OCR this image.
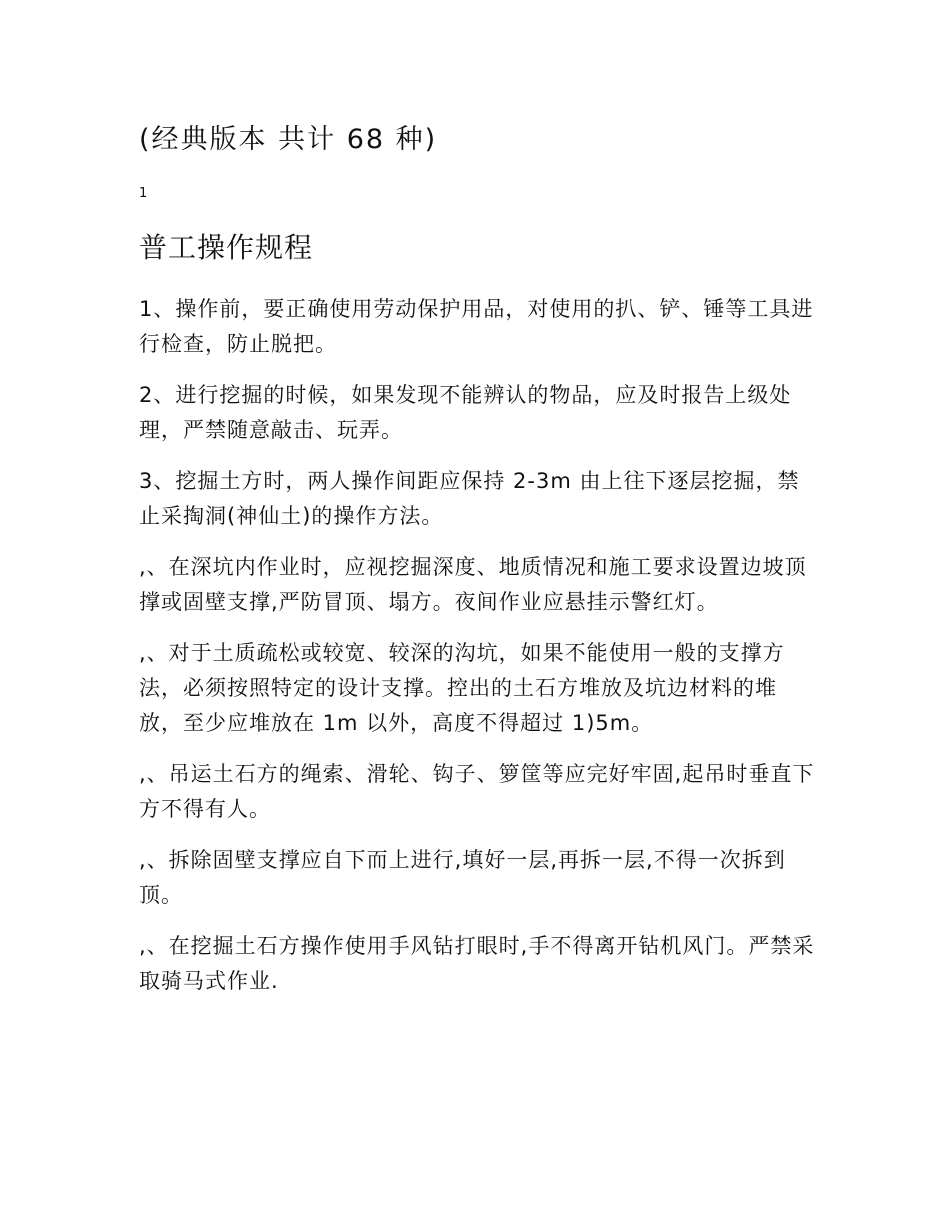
(经典版本 共计 68 种)

1

普工操作规程

1、操作前，要正确使用劳动保护用品，对使用的扒、铲、锤等工具进行检查，防止脱把。

2、进行挖掘的时候，如果发现不能辨认的物品，应及时报告上级处理，严禁随意敲击、玩弄。

3、挖掘土方时，两人操作间距应保持 2-3m 由上往下逐层挖掘，禁止采掏洞(神仙土)的操作方法。

,、在深坑内作业时，应视挖掘深度、地质情况和施工要求设置边坡顶撑或固壁支撑,严防冒顶、塌方。夜间作业应悬挂示警红灯。

,、对于土质疏松或较宽、较深的沟坑，如果不能使用一般的支撑方法，必须按照特定的设计支撑。控出的土石方堆放及坑边材料的堆放，至少应堆放在 1m 以外，高度不得超过 1)5m。

,、吊运土石方的绳索、滑轮、钩子、箩筐等应完好牢固,起吊时垂直下方不得有人。

,、拆除固壁支撑应自下而上进行,填好一层,再拆一层,不得一次拆到顶。

,、在挖掘土石方操作使用手风钻打眼时,手不得离开钻机风门。严禁采取骑马式作业.
